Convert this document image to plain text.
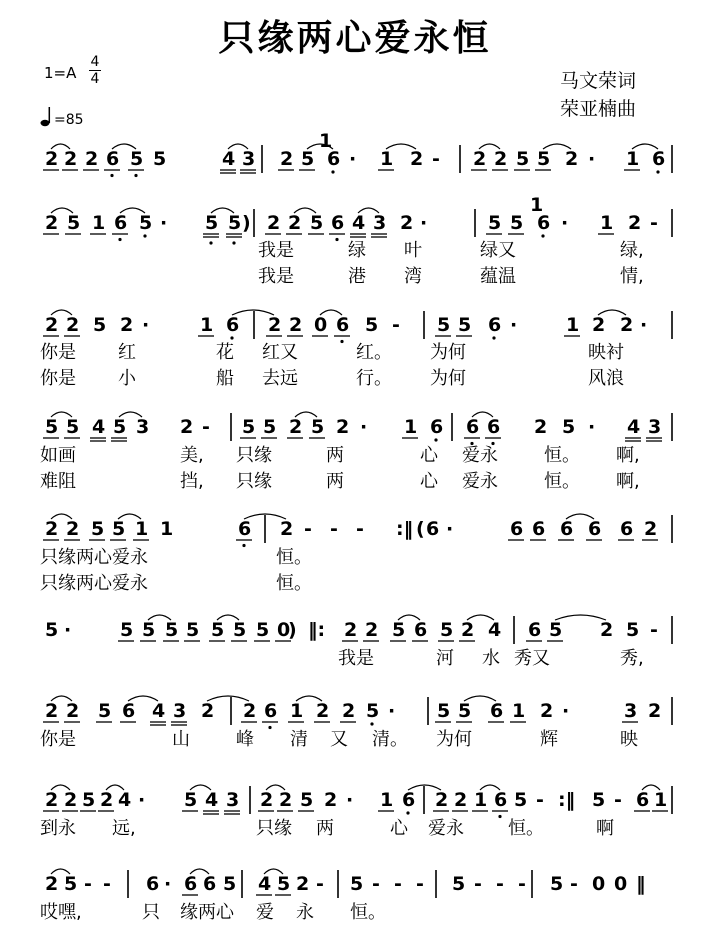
只缘两心爱永恒
1=A
4
4
=85
马文荣词
荣亚楠曲
2 2 2 6 5 5	4 3 2 5 6 · 1 2 - 2 2 5 5 2 · 1 6
1
2 5 1 6 5 · 5 5 2 2 5 6 4 3 2 ·	5 5 6 · 1 2 -
)
1
我是	绿 叶	绿又	绿,
我是	港 湾	蕴温	情,
2 2 5 2 ·	1 6 2 2 0 6 5 - 5 5 6 ·	1 2 2 ·
你是 红	花 红又	红。 为何	映衬
你是 小	船 去远	行。 为何	风浪
5 5 4 5 3 2 - 5 5 2 5 2 · 1 6 6 6 2 5 · 4 3
如画	美, 只缘	两	心 爱永	恒。 啊,
难阻	挡, 只缘	两	心 爱永	恒。 啊,
2 2 5 5 1 1	6 2 - - -	6 ·	6 6 6 6 6 2
:‖ (
只缘两心爱永	恒。
只缘两心爱永	恒。
5 ·	5 5 5 5 5 5 5 0	2 2 5 6 5 2 4 6 5 2 5 -
) ‖:
我是	河 水 秀又	秀,
2 2 5 6 4 3 2 2 6 1 2 2 5 · 5 5 6 1 2 ·	3 2
你是	山	峰 清 又 清。 为何	辉	映
2 2 5 2 4 · 5 4 3 2 2 5 2 · 1 6 2 2 1 6 5 -	5 - 6 1
:‖
到永 远,	只缘 两	心 爱永 恒。	啊
2 5 - - 6 · 6 6 5 4 5 2 - 5 - - - 5 - - - 5 - 0 0 ‖
哎嘿,	只 缘两心 爱 永 恒。
